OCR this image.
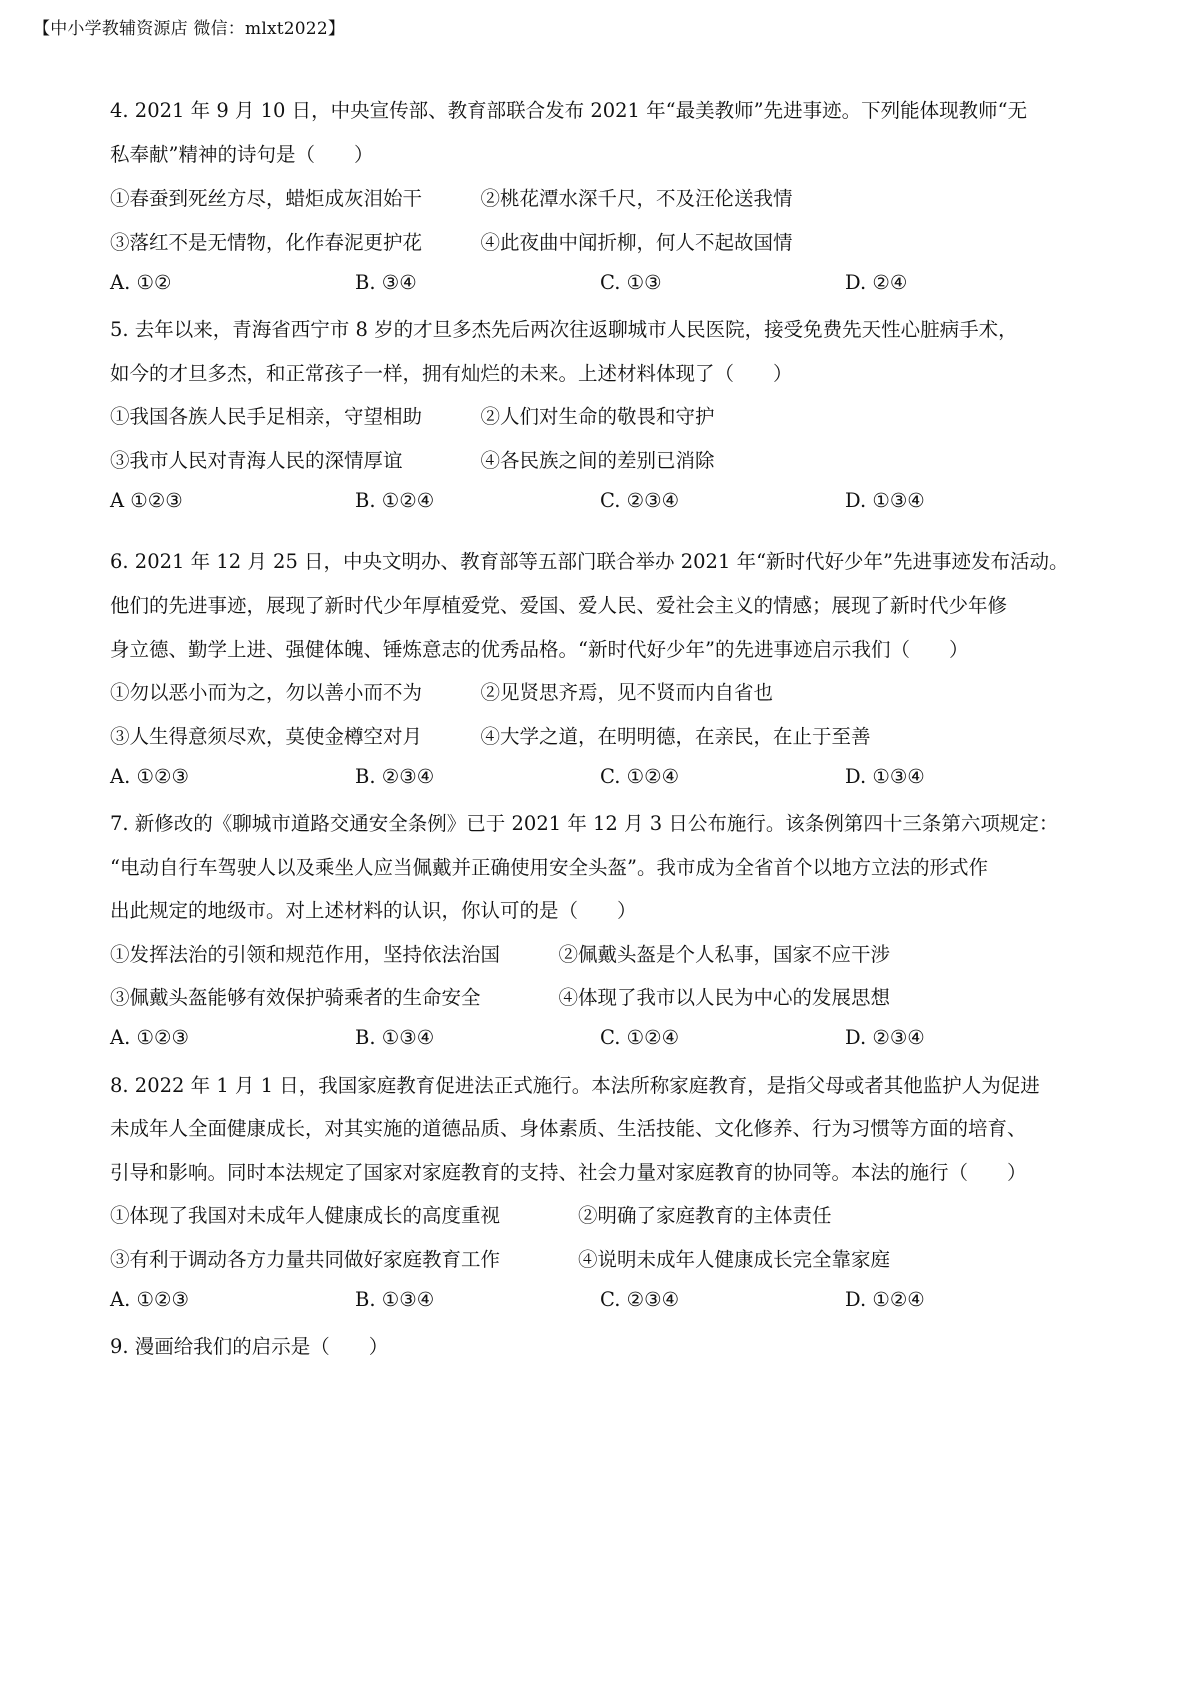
【中小学教辅资源店 微信：mlxt2022】
4. 2021 年 9 月 10 日，中央宣传部、教育部联合发布 2021 年“最美教师”先进事迹。下列能体现教师“无
私奉献”精神的诗句是（　　）
①春蚕到死丝方尽，蜡炬成灰泪始干　　　②桃花潭水深千尺，不及汪伦送我情
③落红不是无情物，化作春泥更护花　　　④此夜曲中闻折柳，何人不起故国情
A. ①②	B. ③④	C. ①③	D. ②④
5. 去年以来，青海省西宁市 8 岁的才旦多杰先后两次往返聊城市人民医院，接受免费先天性心脏病手术，
如今的才旦多杰，和正常孩子一样，拥有灿烂的未来。上述材料体现了（　　）
①我国各族人民手足相亲，守望相助　　　②人们对生命的敬畏和守护
③我市人民对青海人民的深情厚谊　　　　④各民族之间的差别已消除
A ①②③	B. ①②④	C. ②③④	D. ①③④
6. 2021 年 12 月 25 日，中央文明办、教育部等五部门联合举办 2021 年“新时代好少年”先进事迹发布活动。
他们的先进事迹，展现了新时代少年厚植爱党、爱国、爱人民、爱社会主义的情感；展现了新时代少年修
身立德、勤学上进、强健体魄、锤炼意志的优秀品格。“新时代好少年”的先进事迹启示我们（　　）
①勿以恶小而为之，勿以善小而不为　　　②见贤思齐焉，见不贤而内自省也
③人生得意须尽欢，莫使金樽空对月　　　④大学之道，在明明德，在亲民，在止于至善
A. ①②③	B. ②③④	C. ①②④	D. ①③④
7. 新修改的《聊城市道路交通安全条例》已于 2021 年 12 月 3 日公布施行。该条例第四十三条第六项规定：
“电动自行车驾驶人以及乘坐人应当佩戴并正确使用安全头盔”。我市成为全省首个以地方立法的形式作
出此规定的地级市。对上述材料的认识，你认可的是（　　）
①发挥法治的引领和规范作用，坚持依法治国　　　②佩戴头盔是个人私事，国家不应干涉
③佩戴头盔能够有效保护骑乘者的生命安全　　　　④体现了我市以人民为中心的发展思想
A. ①②③	B. ①③④	C. ①②④	D. ②③④
8. 2022 年 1 月 1 日，我国家庭教育促进法正式施行。本法所称家庭教育，是指父母或者其他监护人为促进
未成年人全面健康成长，对其实施的道德品质、身体素质、生活技能、文化修养、行为习惯等方面的培育、
引导和影响。同时本法规定了国家对家庭教育的支持、社会力量对家庭教育的协同等。本法的施行（　　）
①体现了我国对未成年人健康成长的高度重视　　　　②明确了家庭教育的主体责任
③有利于调动各方力量共同做好家庭教育工作　　　　④说明未成年人健康成长完全靠家庭
A. ①②③	B. ①③④	C. ②③④	D. ①②④
9. 漫画给我们的启示是（　　）
